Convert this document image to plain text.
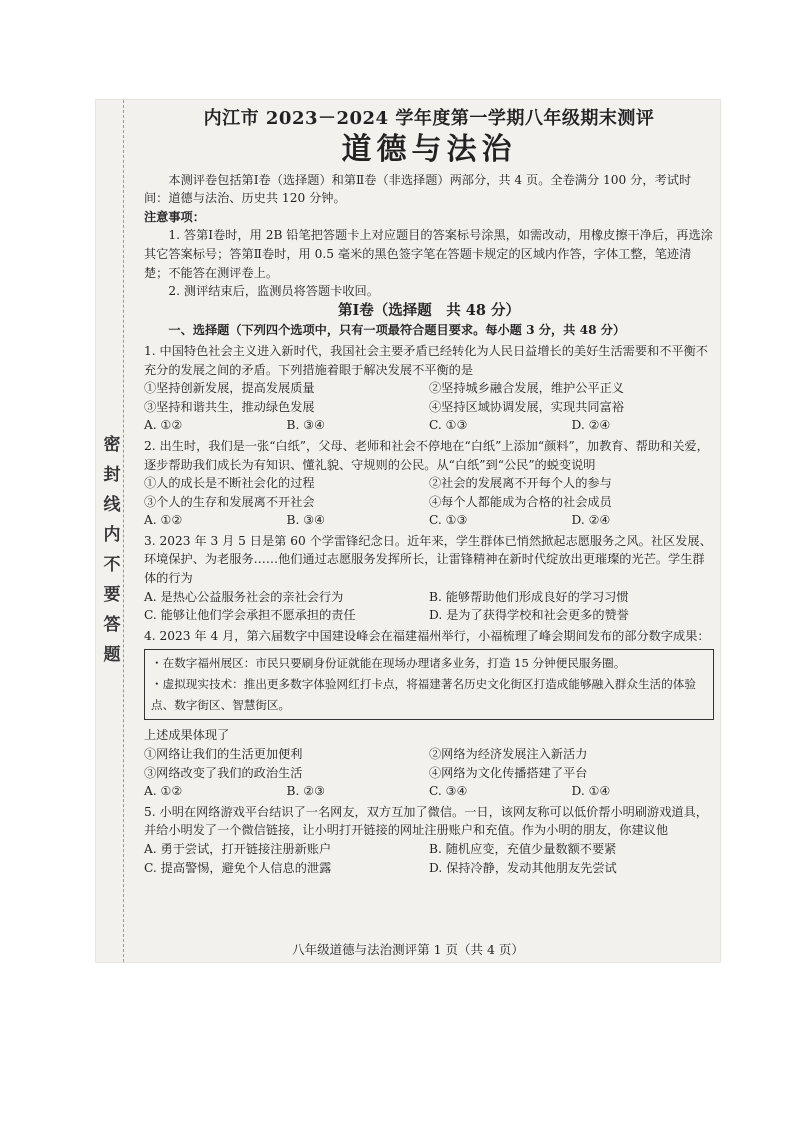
密封线内不要答题

内江市 2023－2024 学年度第一学期八年级期末测评

道德与法治

本测评卷包括第Ⅰ卷（选择题）和第Ⅱ卷（非选择题）两部分，共 4 页。全卷满分 100 分，考试时间：道德与法治、历史共 120 分钟。

注意事项：

1. 答第Ⅰ卷时，用 2B 铅笔把答题卡上对应题目的答案标号涂黑，如需改动，用橡皮擦干净后，再选涂其它答案标号；答第Ⅱ卷时，用 0.5 毫米的黑色签字笔在答题卡规定的区域内作答，字体工整，笔迹清楚；不能答在测评卷上。

2. 测评结束后，监测员将答题卡收回。

第Ⅰ卷（选择题　共 48 分）

一、选择题（下列四个选项中，只有一项最符合题目要求。每小题 3 分，共 48 分）

1. 中国特色社会主义进入新时代，我国社会主要矛盾已经转化为人民日益增长的美好生活需要和不平衡不充分的发展之间的矛盾。下列措施着眼于解决发展不平衡的是

①坚持创新发展，提高发展质量	②坚持城乡融合发展，维护公平正义
③坚持和谐共生，推动绿色发展	④坚持区域协调发展，实现共同富裕
A. ①②	B. ③④	C. ①③	D. ②④

2. 出生时，我们是一张“白纸”，父母、老师和社会不停地在“白纸”上添加“颜料”，加教育、帮助和关爱，逐步帮助我们成长为有知识、懂礼貌、守规则的公民。从“白纸”到“公民”的蜕变说明

①人的成长是不断社会化的过程	②社会的发展离不开每个人的参与
③个人的生存和发展离不开社会	④每个人都能成为合格的社会成员
A. ①②	B. ③④	C. ①③	D. ②④

3. 2023 年 3 月 5 日是第 60 个学雷锋纪念日。近年来，学生群体已悄然掀起志愿服务之风。社区发展、环境保护、为老服务……他们通过志愿服务发挥所长，让雷锋精神在新时代绽放出更璀璨的光芒。学生群体的行为

A. 是热心公益服务社会的亲社会行为	B. 能够帮助他们形成良好的学习习惯
C. 能够让他们学会承担不愿承担的责任	D. 是为了获得学校和社会更多的赞誉

4. 2023 年 4 月，第六届数字中国建设峰会在福建福州举行，小福梳理了峰会期间发布的部分数字成果：

・在数字福州展区：市民只要刷身份证就能在现场办理诸多业务，打造 15 分钟便民服务圈。
・虚拟现实技术：推出更多数字体验网红打卡点，将福建著名历史文化街区打造成能够融入群众生活的体验点、数字街区、智慧街区。

上述成果体现了

①网络让我们的生活更加便利	②网络为经济发展注入新活力
③网络改变了我们的政治生活	④网络为文化传播搭建了平台
A. ①②	B. ②③	C. ③④	D. ①④

5. 小明在网络游戏平台结识了一名网友，双方互加了微信。一日，该网友称可以低价帮小明刷游戏道具，并给小明发了一个微信链接，让小明打开链接的网址注册账户和充值。作为小明的朋友，你建议他

A. 勇于尝试，打开链接注册新账户	B. 随机应变，充值少量数额不要紧
C. 提高警惕，避免个人信息的泄露	D. 保持冷静，发动其他朋友先尝试
八年级道德与法治测评第 1 页（共 4 页）
